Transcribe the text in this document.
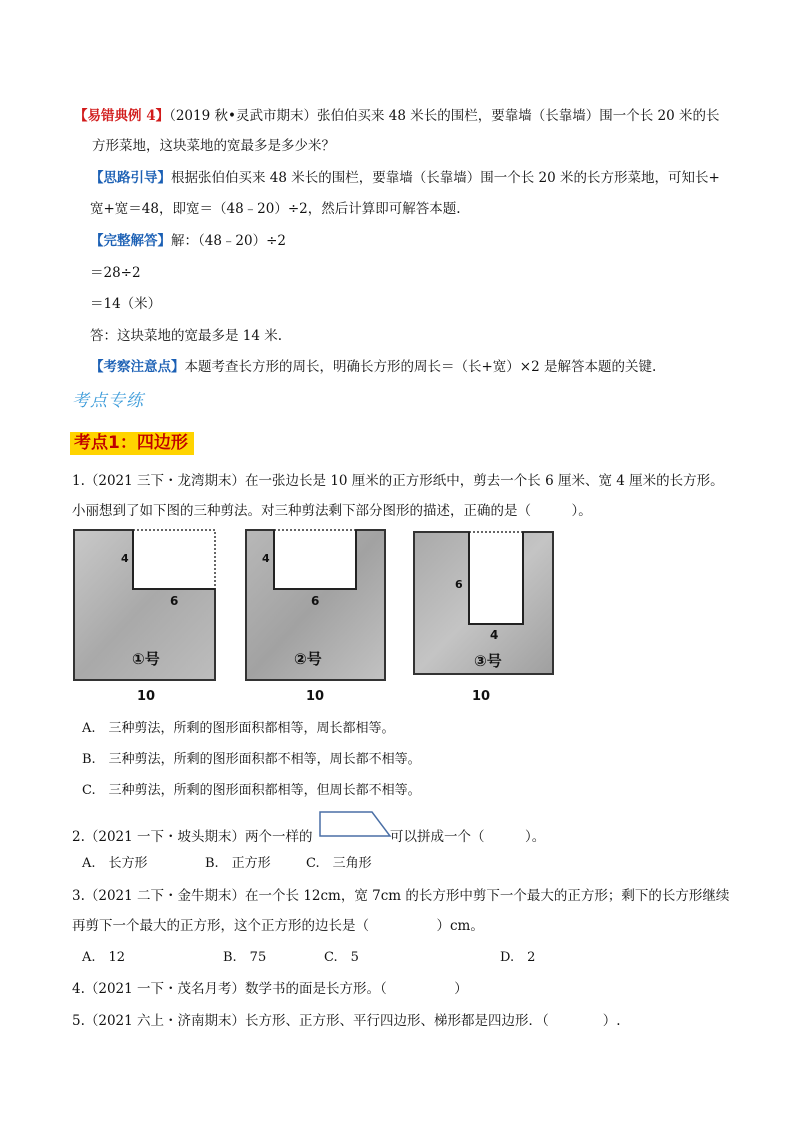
【易错典例 4】（2019 秋•灵武市期末）张伯伯买来 48 米长的围栏，要靠墙（长靠墙）围一个长 20 米的长
方形菜地，这块菜地的宽最多是多少米？
【思路引导】根据张伯伯买来 48 米长的围栏，要靠墙（长靠墙）围一个长 20 米的长方形菜地，可知长+
宽+宽＝48，即宽＝（48﹣20）÷2，然后计算即可解答本题.
【完整解答】解：（48﹣20）÷2
＝28÷2
＝14（米）
答：这块菜地的宽最多是 14 米.
【考察注意点】本题考查长方形的周长，明确长方形的周长＝（长+宽）×2 是解答本题的关键.
考点专练
考点1：四边形
1.（2021 三下・龙湾期末）在一张边长是 10 厘米的正方形纸中，剪去一个长 6 厘米、宽 4 厘米的长方形。
小丽想到了如下图的三种剪法。对三种剪法剩下部分图形的描述，正确的是（　　　）。
4
6
①号
10
4
6
②号
10
6
4
③号
10
A.　三种剪法，所剩的图形面积都相等，周长都相等。
B.　三种剪法，所剩的图形面积都不相等，周长都不相等。
C.　三种剪法，所剩的图形面积都相等，但周长都不相等。
2.（2021 一下・坡头期末）两个一样的	可以拼成一个（　　　）。
A.　长方形	B.　正方形	C.　三角形
3.（2021 二下・金牛期末）在一个长 12cm，宽 7cm 的长方形中剪下一个最大的正方形；剩下的长方形继续
再剪下一个最大的正方形，这个正方形的边长是（　　　　　）cm。
A.　12	B.　75	C.　5	D.　2
4.（2021 一下・茂名月考）数学书的面是长方形。（　　　　　）
5.（2021 六上・济南期末）长方形、正方形、平行四边形、梯形都是四边形．（　　　　）.
